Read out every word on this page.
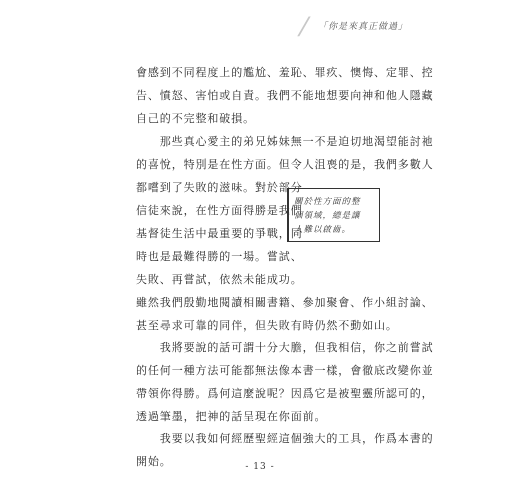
/ 「你是來真正做過」

會感到不同程度上的尷尬、羞恥、罪疚、懊悔、定罪、控
告、憤怒、害怕或自責。我們不能地想要向神和他人隱藏
自己的不完整和破損。

　　那些真心愛主的弟兄姊妹無一不是迫切地渴望能討祂
的喜悅，特別是在性方面。但令人沮喪的是，我們多數人
都嚐到了失敗的滋味。對於部分
信徒來說，在性方面得勝是我們
基督徒生活中最重要的爭戰，同
時也是最難得勝的一場。嘗試、
失敗、再嘗試，依然未能成功。
雖然我們殷勤地閱讀相關書籍、參加聚會、作小組討論、
甚至尋求可靠的同伴，但失敗有時仍然不動如山。

關於性方面的整
個領域，總是讓
人難以啟齒。

　　我將要說的話可謂十分大膽，但我相信，你之前嘗試
的任何一種方法可能都無法像本書一樣，會徹底改變你並
帶領你得勝。爲何這麼說呢？因爲它是被聖靈所認可的，
透過筆墨，把神的話呈現在你面前。

　　我要以我如何經歷聖經這個強大的工具，作爲本書的
開始。	- 13 -
